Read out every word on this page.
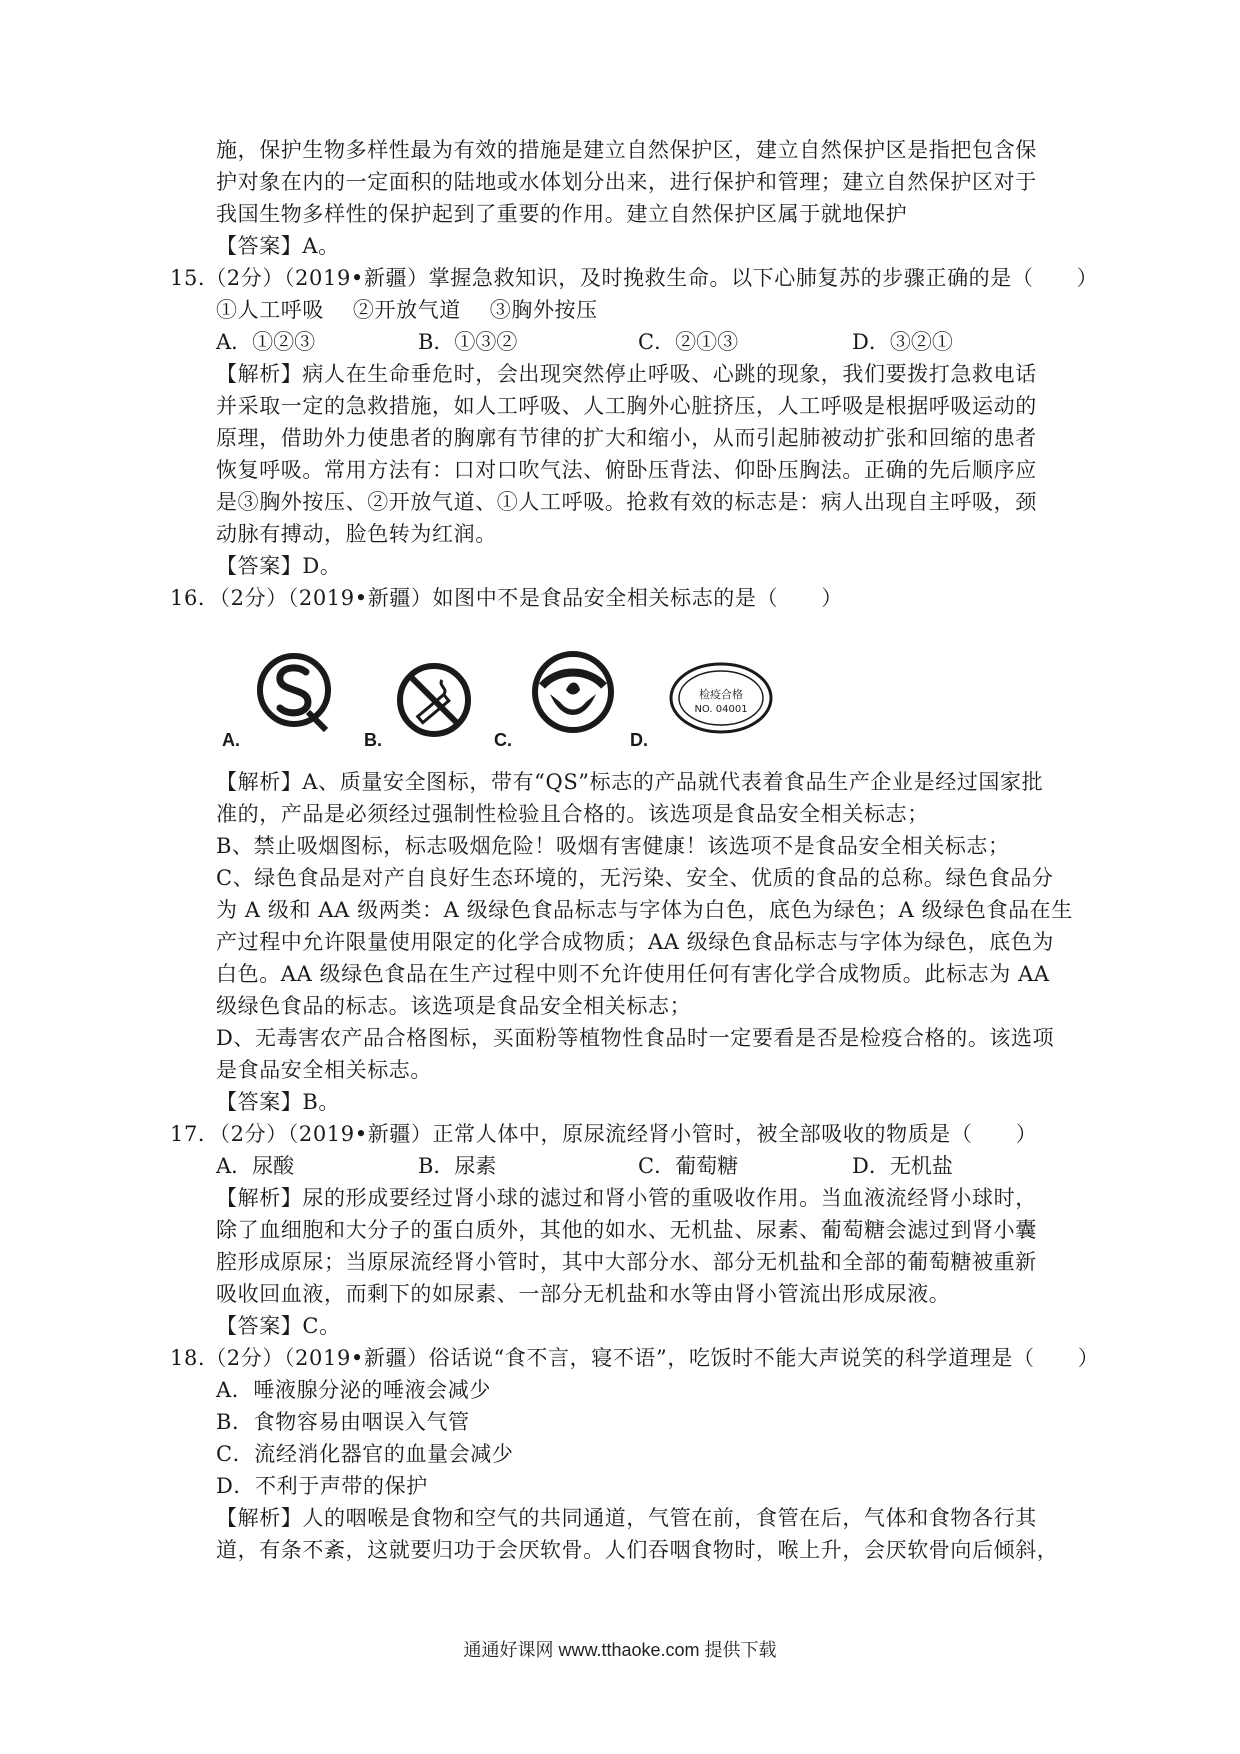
施，保护生物多样性最为有效的措施是建立自然保护区，建立自然保护区是指把包含保
护对象在内的一定面积的陆地或水体划分出来，进行保护和管理；建立自然保护区对于
我国生物多样性的保护起到了重要的作用。建立自然保护区属于就地保护
【答案】A。
15.（2分）（2019•新疆）掌握急救知识，及时挽救生命。以下心肺复苏的步骤正确的是（　　）
①人工呼吸　 ②开放气道　 ③胸外按压
A．①②③	B．①③②	C．②①③	D．③②①
【解析】病人在生命垂危时，会出现突然停止呼吸、心跳的现象，我们要拨打急救电话
并采取一定的急救措施，如人工呼吸、人工胸外心脏挤压，人工呼吸是根据呼吸运动的
原理，借助外力使患者的胸廓有节律的扩大和缩小，从而引起肺被动扩张和回缩的患者
恢复呼吸。常用方法有：口对口吹气法、俯卧压背法、仰卧压胸法。正确的先后顺序应
是③胸外按压、②开放气道、①人工呼吸。抢救有效的标志是：病人出现自主呼吸，颈
动脉有搏动，脸色转为红润。
【答案】D。
16．（2分）（2019•新疆）如图中不是食品安全相关标志的是（　　）
A.	B.	C.
检疫合格
NO. 04001
D.
【解析】A、质量安全图标，带有“QS”标志的产品就代表着食品生产企业是经过国家批
准的，产品是必须经过强制性检验且合格的。该选项是食品安全相关标志；
B、禁止吸烟图标，标志吸烟危险！吸烟有害健康！该选项不是食品安全相关标志；
C、绿色食品是对产自良好生态环境的，无污染、安全、优质的食品的总称。绿色食品分
为 A 级和 AA 级两类：A 级绿色食品标志与字体为白色，底色为绿色；A 级绿色食品在生
产过程中允许限量使用限定的化学合成物质；AA 级绿色食品标志与字体为绿色，底色为
白色。AA 级绿色食品在生产过程中则不允许使用任何有害化学合成物质。此标志为 AA
级绿色食品的标志。该选项是食品安全相关标志；
D、无毒害农产品合格图标，买面粉等植物性食品时一定要看是否是检疫合格的。该选项
是食品安全相关标志。
【答案】B。
17．（2分）（2019•新疆）正常人体中，原尿流经肾小管时，被全部吸收的物质是（　　）
A．尿酸	B．尿素	C．葡萄糖	D．无机盐
【解析】尿的形成要经过肾小球的滤过和肾小管的重吸收作用。当血液流经肾小球时，
除了血细胞和大分子的蛋白质外，其他的如水、无机盐、尿素、葡萄糖会滤过到肾小囊
腔形成原尿；当原尿流经肾小管时，其中大部分水、部分无机盐和全部的葡萄糖被重新
吸收回血液，而剩下的如尿素、一部分无机盐和水等由肾小管流出形成尿液。
【答案】C。
18.（2分）（2019•新疆）俗话说“食不言，寝不语”，吃饭时不能大声说笑的科学道理是（　　）
A．唾液腺分泌的唾液会减少
B．食物容易由咽误入气管
C．流经消化器官的血量会减少
D．不利于声带的保护
【解析】人的咽喉是食物和空气的共同通道，气管在前，食管在后，气体和食物各行其
道，有条不紊，这就要归功于会厌软骨。人们吞咽食物时，喉上升，会厌软骨向后倾斜，
通通好课网 www.tthaoke.com 提供下载
